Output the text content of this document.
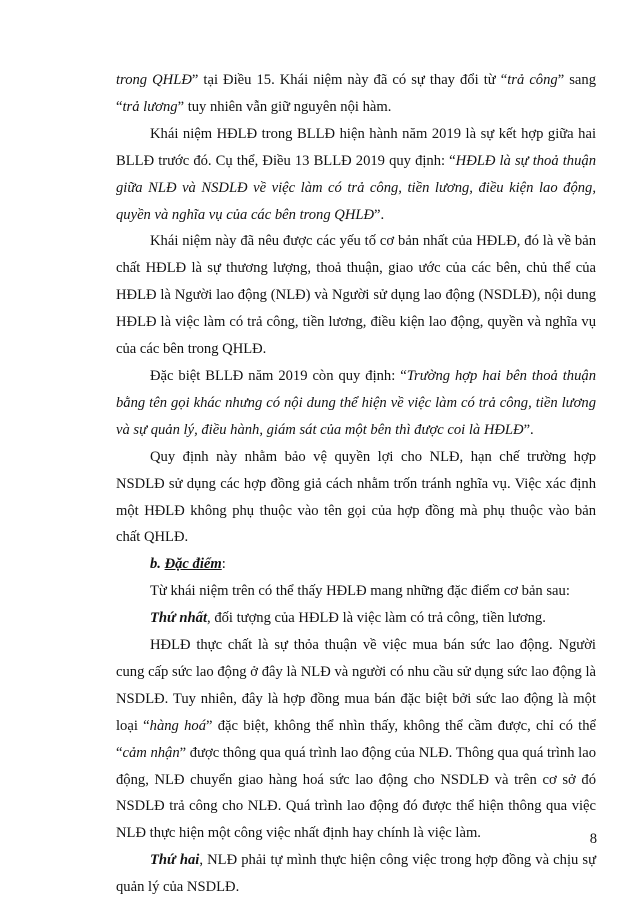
trong QHLĐ” tại Điều 15. Khái niệm này đã có sự thay đổi từ “trả công” sang “trả lương” tuy nhiên vẫn giữ nguyên nội hàm.

Khái niệm HĐLĐ trong BLLĐ hiện hành năm 2019 là sự kết hợp giữa hai BLLĐ trước đó. Cụ thể, Điều 13 BLLĐ 2019 quy định: “HĐLĐ là sự thoả thuận giữa NLĐ và NSDLĐ về việc làm có trả công, tiền lương, điều kiện lao động, quyền và nghĩa vụ của các bên trong QHLĐ”.

Khái niệm này đã nêu được các yếu tố cơ bản nhất của HĐLĐ, đó là về bản chất HĐLĐ là sự thương lượng, thoả thuận, giao ước của các bên, chủ thể của HĐLĐ là Người lao động (NLĐ) và Người sử dụng lao động (NSDLĐ), nội dung HĐLĐ là việc làm có trả công, tiền lương, điều kiện lao động, quyền và nghĩa vụ của các bên trong QHLĐ.

Đặc biệt BLLĐ năm 2019 còn quy định: “Trường hợp hai bên thoả thuận bằng tên gọi khác nhưng có nội dung thể hiện về việc làm có trả công, tiền lương và sự quản lý, điều hành, giám sát của một bên thì được coi là HĐLĐ”.

Quy định này nhằm bảo vệ quyền lợi cho NLĐ, hạn chế trường hợp NSDLĐ sử dụng các hợp đồng giả cách nhằm trốn tránh nghĩa vụ. Việc xác định một HĐLĐ không phụ thuộc vào tên gọi của hợp đồng mà phụ thuộc vào bản chất QHLĐ.

b. Đặc điểm:

Từ khái niệm trên có thể thấy HĐLĐ mang những đặc điểm cơ bản sau:

Thứ nhất, đối tượng của HĐLĐ là việc làm có trả công, tiền lương.

HĐLĐ thực chất là sự thỏa thuận về việc mua bán sức lao động. Người cung cấp sức lao động ở đây là NLĐ và người có nhu cầu sử dụng sức lao động là NSDLĐ. Tuy nhiên, đây là hợp đồng mua bán đặc biệt bởi sức lao động là một loại “hàng hoá” đặc biệt, không thể nhìn thấy, không thể cầm được, chỉ có thể “cảm nhận” được thông qua quá trình lao động của NLĐ. Thông qua quá trình lao động, NLĐ chuyển giao hàng hoá sức lao động cho NSDLĐ và trên cơ sở đó NSDLĐ trả công cho NLĐ. Quá trình lao động đó được thể hiện thông qua việc NLĐ thực hiện một công việc nhất định hay chính là việc làm.

Thứ hai, NLĐ phải tự mình thực hiện công việc trong hợp đồng và chịu sự quản lý của NSDLĐ.

8
